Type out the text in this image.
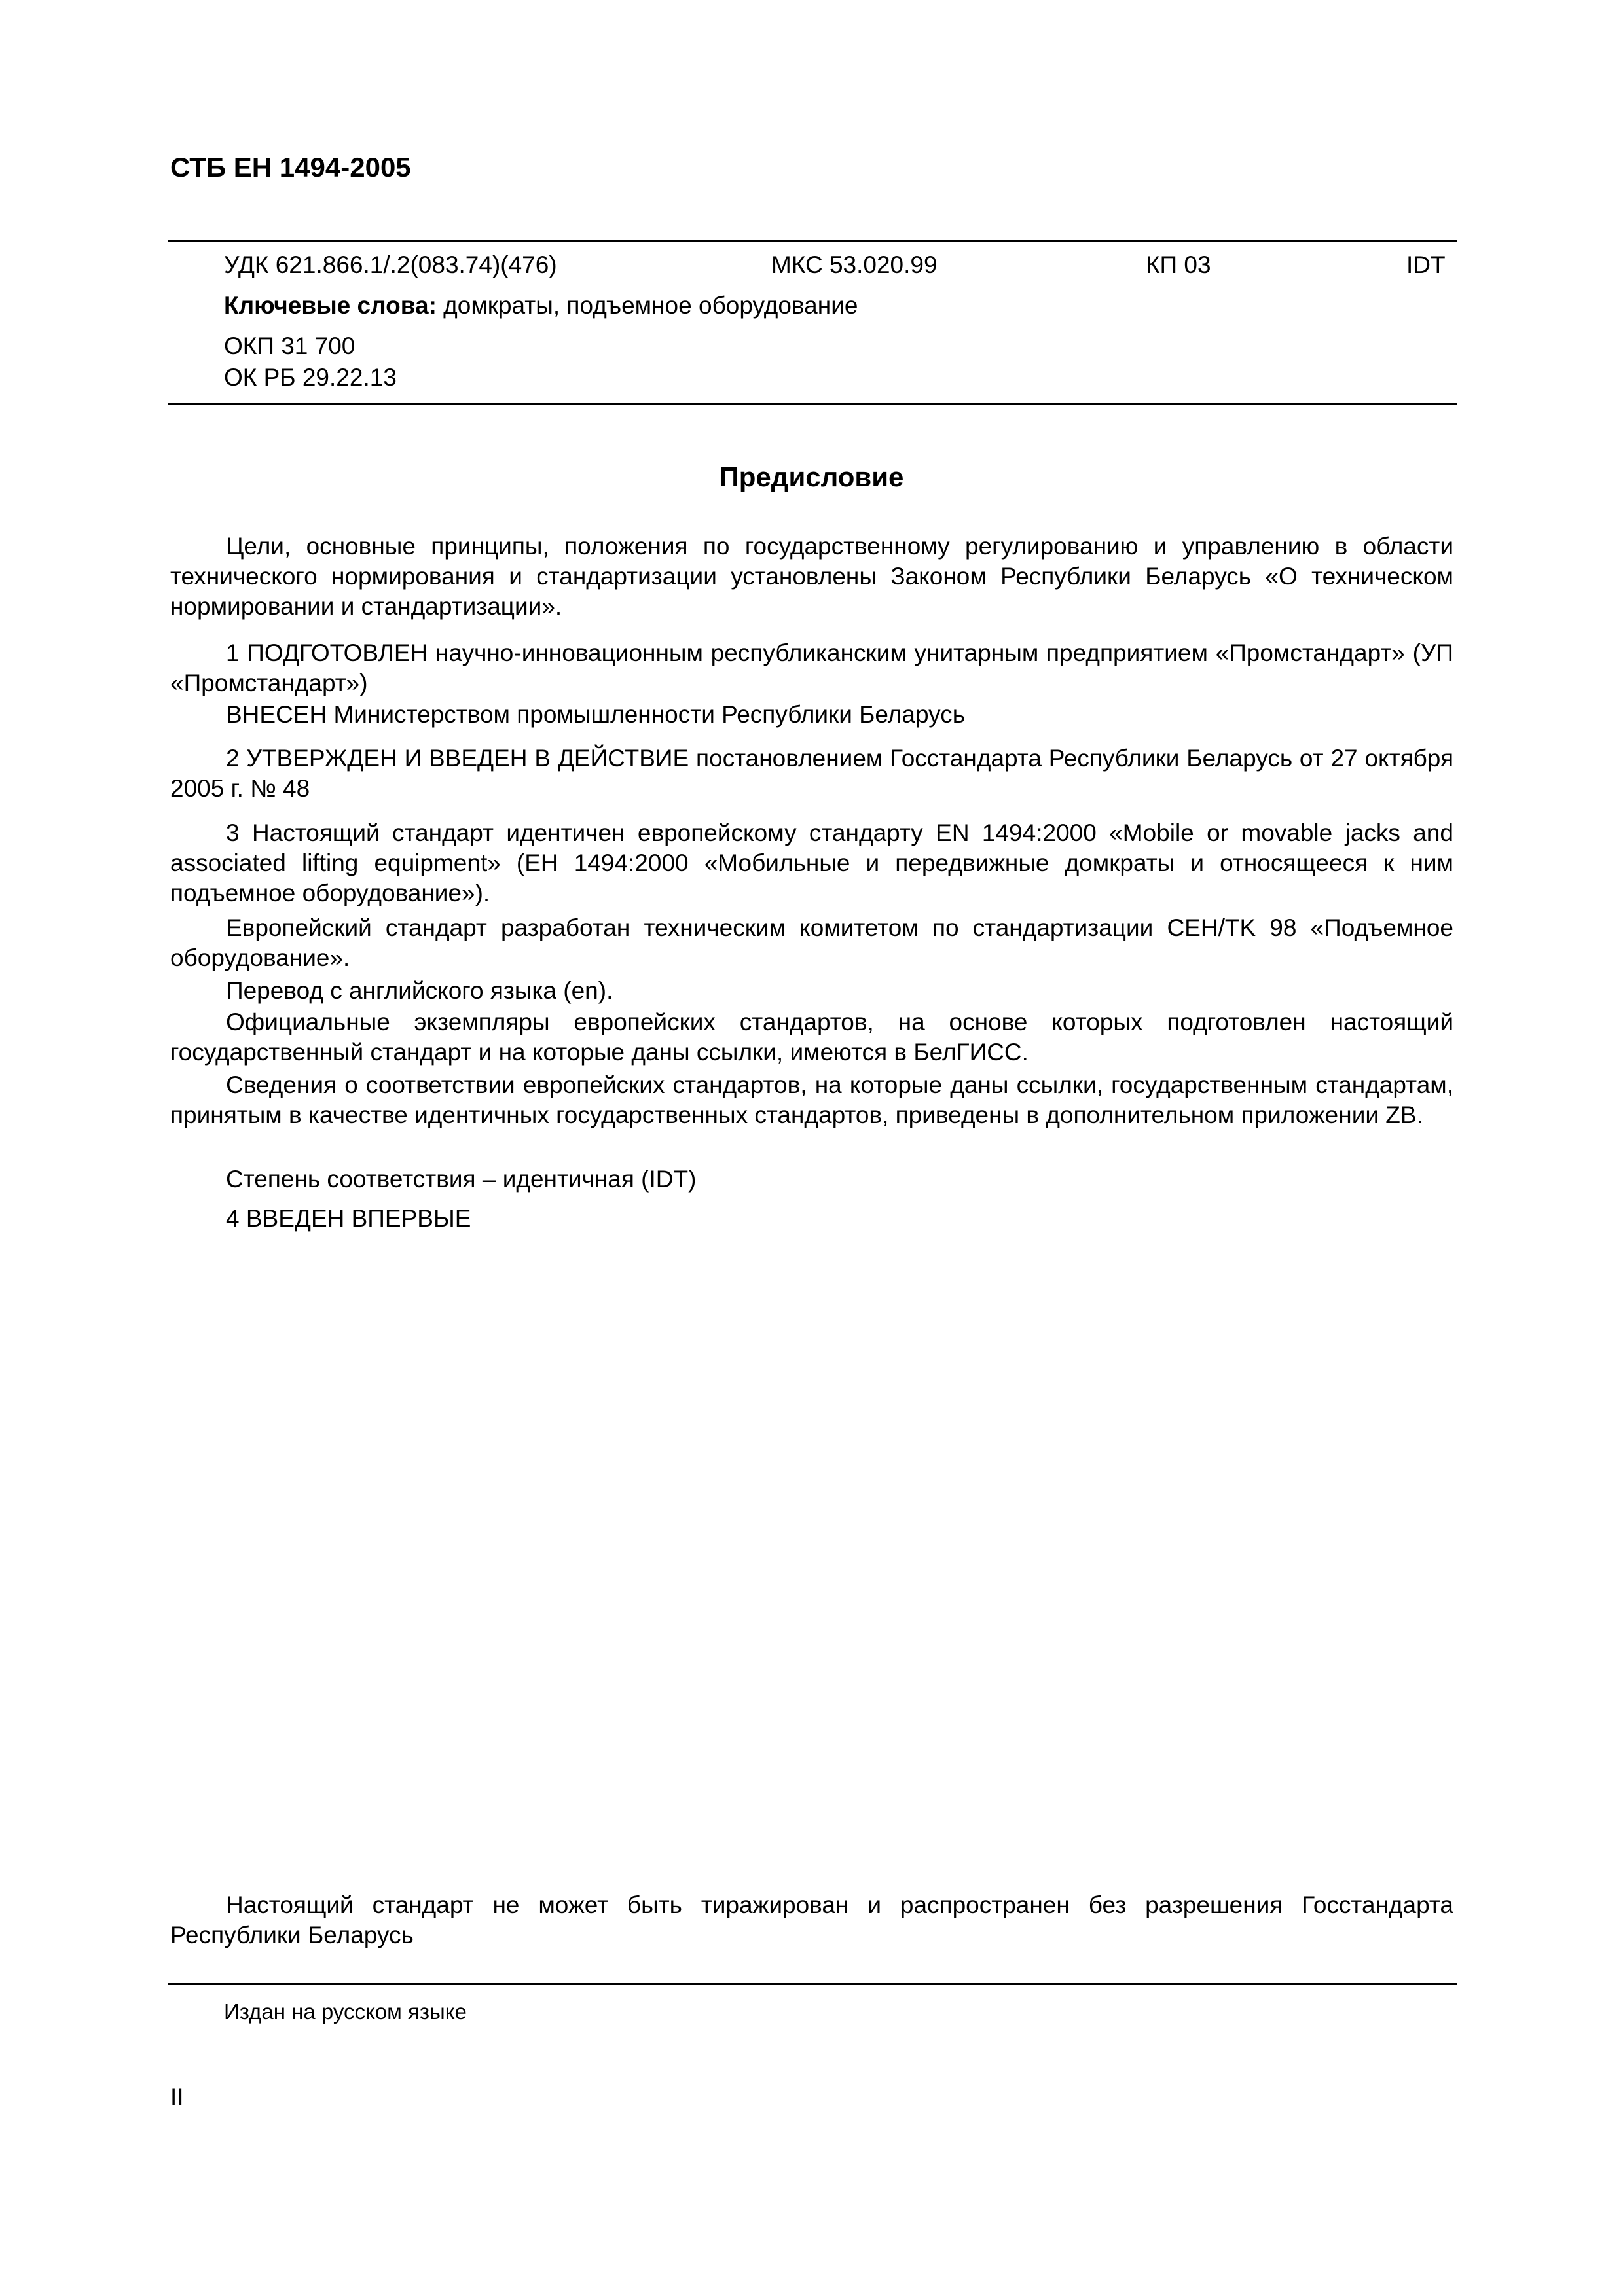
СТБ ЕН 1494-2005
УДК 621.866.1/.2(083.74)(476)	МКС 53.020.99	КП 03	IDT
Ключевые слова: домкраты, подъемное оборудование
ОКП 31 700
ОК РБ 29.22.13
Предисловие
Цели, основные принципы, положения по государственному регулированию и управлению в области технического нормирования и стандартизации установлены Законом Республики Беларусь «О техническом нормировании и стандартизации».
1 ПОДГОТОВЛЕН научно-инновационным республиканским унитарным предприятием «Промстандарт» (УП «Промстандарт»)
ВНЕСЕН Министерством промышленности Республики Беларусь
2 УТВЕРЖДЕН И ВВЕДЕН В ДЕЙСТВИЕ постановлением Госстандарта Республики Беларусь от 27 октября 2005 г. № 48
3 Настоящий стандарт идентичен европейскому стандарту EN 1494:2000 «Mobile or movable jacks and associated lifting equipment» (ЕН 1494:2000 «Мобильные и передвижные домкраты и относящееся к ним подъемное оборудование»).
Европейский стандарт разработан техническим комитетом по стандартизации CEH/TK 98 «Подъемное оборудование».
Перевод с английского языка (en).
Официальные экземпляры европейских стандартов, на основе которых подготовлен настоящий государственный стандарт и на которые даны ссылки, имеются в БелГИСС.
Сведения о соответствии европейских стандартов, на которые даны ссылки, государственным стандартам, принятым в качестве идентичных государственных стандартов, приведены в дополнительном приложении ZB.
Степень соответствия – идентичная (IDT)
4 ВВЕДЕН ВПЕРВЫЕ
Настоящий стандарт не может быть тиражирован и распространен без разрешения Госстандарта Республики Беларусь
Издан на русском языке
II
